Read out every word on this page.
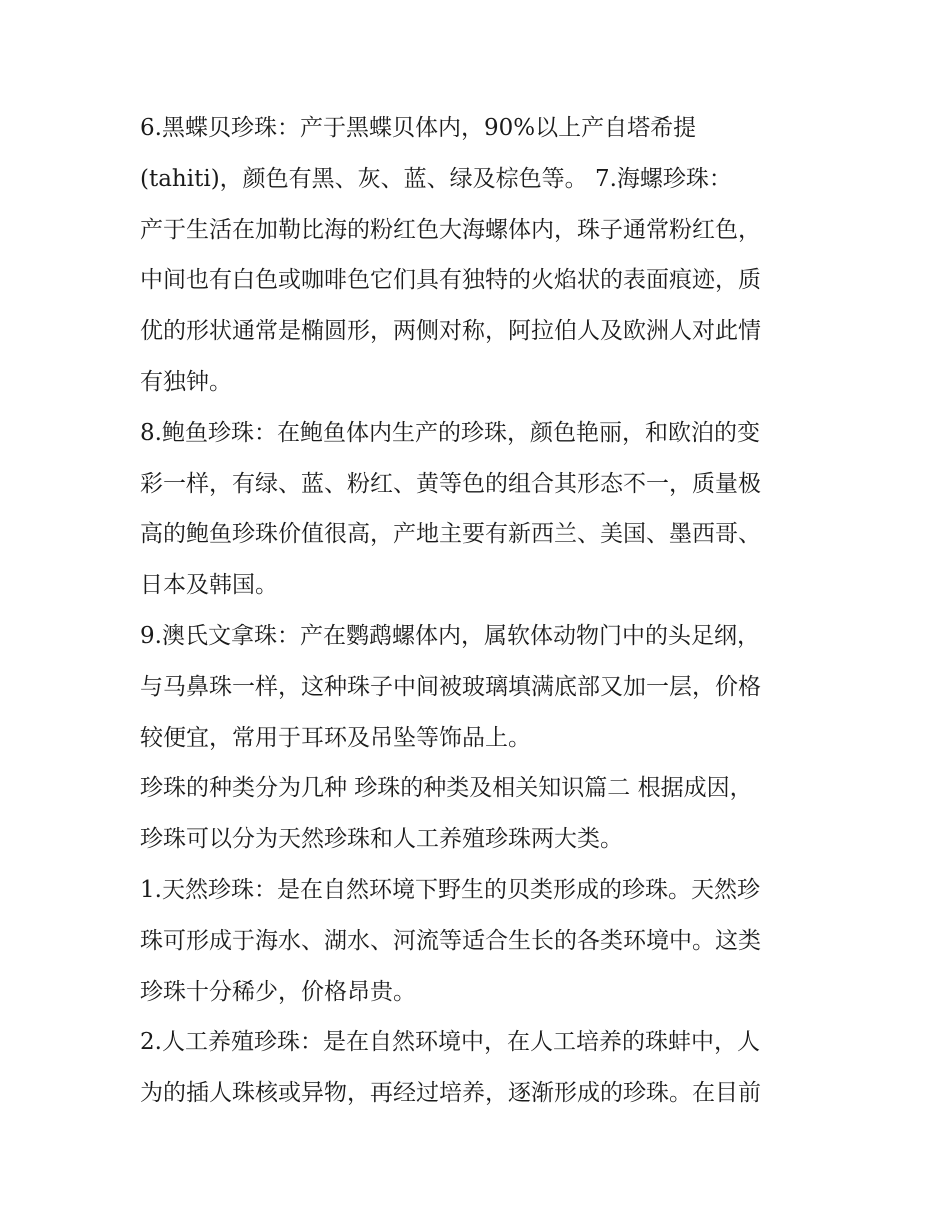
6.黑蝶贝珍珠：产于黑蝶贝体内，90%以上产自塔希提
(tahiti)，颜色有黑、灰、蓝、绿及棕色等。 7.海螺珍珠：
产于生活在加勒比海的粉红色大海螺体内，珠子通常粉红色，
中间也有白色或咖啡色它们具有独特的火焰状的表面痕迹，质
优的形状通常是椭圆形，两侧对称，阿拉伯人及欧洲人对此情
有独钟。
8.鲍鱼珍珠：在鲍鱼体内生产的珍珠，颜色艳丽，和欧泊的变
彩一样，有绿、蓝、粉红、黄等色的组合其形态不一，质量极
高的鲍鱼珍珠价值很高，产地主要有新西兰、美国、墨西哥、
日本及韩国。
9.澳氏文拿珠：产在鹦鹉螺体内，属软体动物门中的头足纲，
与马鼻珠一样，这种珠子中间被玻璃填满底部又加一层，价格
较便宜，常用于耳环及吊坠等饰品上。
珍珠的种类分为几种 珍珠的种类及相关知识篇二 根据成因，
珍珠可以分为天然珍珠和人工养殖珍珠两大类。
1.天然珍珠：是在自然环境下野生的贝类形成的珍珠。天然珍
珠可形成于海水、湖水、河流等适合生长的各类环境中。这类
珍珠十分稀少，价格昂贵。
2.人工养殖珍珠：是在自然环境中，在人工培养的珠蚌中，人
为的插人珠核或异物，再经过培养，逐渐形成的珍珠。在目前
